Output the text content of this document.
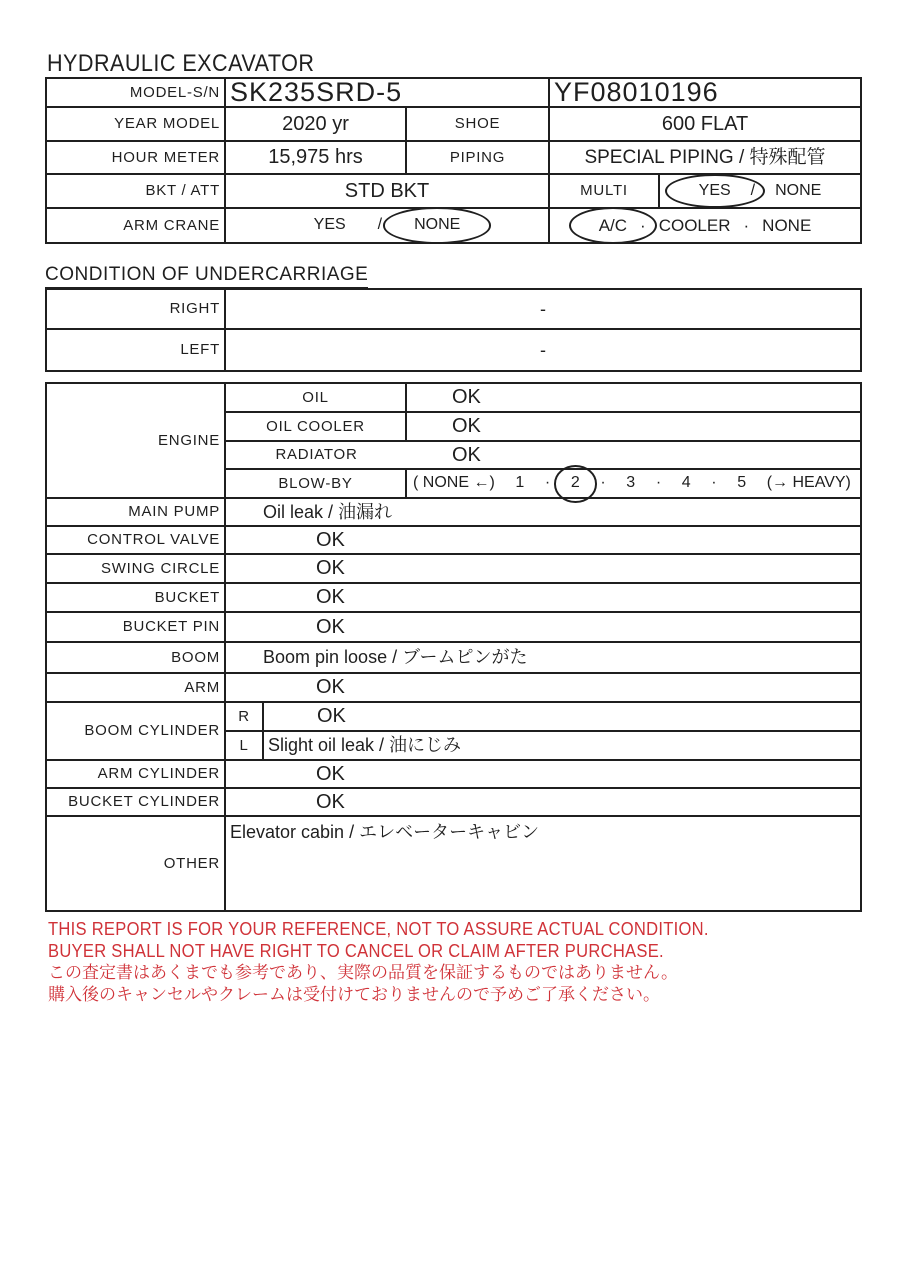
HYDRAULIC EXCAVATOR
MODEL-S/N SK235SRD-5	YF08010196
YEAR MODEL	2020 yr	SHOE	600 FLAT
HOUR METER 15,975 hrs	PIPING	SPECIAL PIPING / 特殊配管
BKT / ATT	STD BKT	MULTI	YES / NONE
ARM CRANE	YES / NONE	A/C · COOLER · NONE
CONDITION OF UNDERCARRIAGE
RIGHT	-
LEFT	-
ENGINE
OIL	OK
OIL COOLER	OK
RADIATOR	OK
BLOW-BY	( NONE ←) 1 · 2 · 3 · 4 · 5 (→ HEAVY)
MAIN PUMP Oil leak / 油漏れ
CONTROL VALVE	OK
SWING CIRCLE	OK
BUCKET	OK
BUCKET PIN	OK
BOOM Boom pin loose / ブームピンがた
ARM	OK
BOOM CYLINDER
R	OK
L Slight oil leak / 油にじみ
ARM CYLINDER	OK
BUCKET CYLINDER	OK
OTHER
Elevator cabin / エレベーターキャビン
THIS REPORT IS FOR YOUR REFERENCE, NOT TO ASSURE ACTUAL CONDITION.
BUYER SHALL NOT HAVE RIGHT TO CANCEL OR CLAIM AFTER PURCHASE.
この査定書はあくまでも参考であり、実際の品質を保証するものではありません。
購入後のキャンセルやクレームは受付けておりませんので予めご了承ください。
